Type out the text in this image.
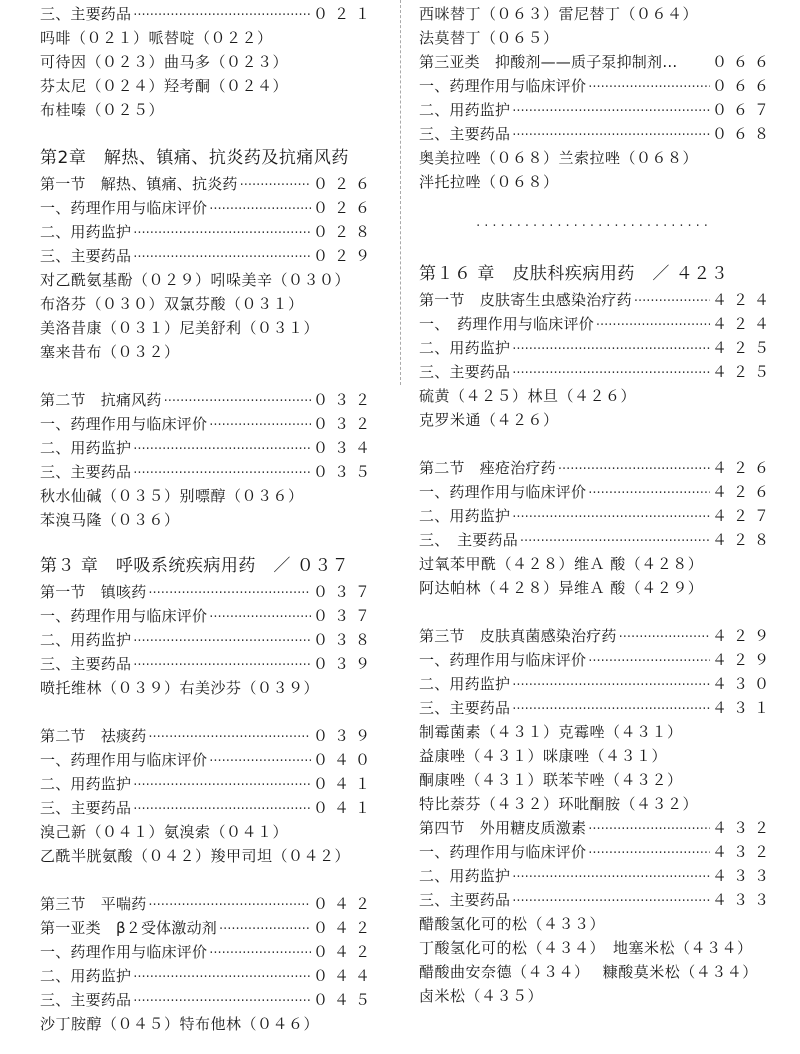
三、主要药品 ·····	０２１
吗啡（０２１）哌替啶（０２２）
可待因（０２３）曲马多（０２３）
芬太尼（０２４）羟考酮（０２４）
布桂嗪（０２５）
第2章　解热、镇痛、抗炎药及抗痛风药
第一节　解热、镇痛、抗炎药 ·····	０２６
一、药理作用与临床评价 ·····	０２６
二、用药监护 ·····	０２８
三、主要药品 ·····	０２９
对乙酰氨基酚（０２９）吲哚美辛（０３０）
布洛芬（０３０）双氯芬酸（０３１）
美洛昔康（０３１）尼美舒利（０３１）
塞来昔布（０３２）
第二节　抗痛风药 ·····	０３２
一、药理作用与临床评价 ·····	０３２
二、用药监护 ·····	０３４
三、主要药品 ·····	０３５
秋水仙碱（０３５）别嘌醇（０３６）
苯溴马隆（０３６）
第３ 章　呼吸系统疾病用药　／ ０３７
第一节　镇咳药 ·····	０３７
一、药理作用与临床评价 ·····	０３７
二、用药监护 ·····	０３８
三、主要药品 ·····	０３９
喷托维林（０３９）右美沙芬（０３９）
第二节　祛痰药 ·····	０３９
一、药理作用与临床评价 ·····	０４０
二、用药监护 ·····	０４１
三、主要药品 ·····	０４１
溴己新（０４１）氨溴索（０４１）
乙酰半胱氨酸（０４２）羧甲司坦（０４２）
第三节　平喘药 ·····	０４２
第一亚类　β２受体激动剂 ·····	０４２
一、药理作用与临床评价 ·····	０４２
二、用药监护 ·····	０４４
三、主要药品 ·····	０４５
沙丁胺醇（０４５）特布他林（０４６）
西咪替丁（０６３）雷尼替丁（０６４）
法莫替丁（０６５）
第三亚类　抑酸剂——质子泵抑制剂… ０６６
一、药理作用与临床评价 ·····	０６６
二、用药监护 ·····	０６７
三、主要药品 ·····	０６８
奥美拉唑（０６８）兰索拉唑（０６８）
泮托拉唑（０６８）
·····························
第１６ 章　皮肤科疾病用药　／ ４２３
第一节　皮肤寄生虫感染治疗药 ·····	４２４
一、　药理作用与临床评价 ·····	４２４
二、用药监护 ·····	４２５
三、主要药品 ·····	４２５
硫黄（４２５）林旦（４２６）
克罗米通（４２６）
第二节　痤疮治疗药 ·····	４２６
一、药理作用与临床评价 ·····	４２６
二、用药监护 ·····	４２７
三、　主要药品 ·····	４２８
过氧苯甲酰（４２８）维Ａ 酸（４２８）
阿达帕林（４２８）异维Ａ 酸（４２９）
第三节　皮肤真菌感染治疗药 ·····	４２９
一、药理作用与临床评价 ·····	４２９
二、用药监护 ·····	４３０
三、主要药品 ·····	４３１
制霉菌素（４３１）克霉唑（４３１）
益康唑（４３１）咪康唑（４３１）
酮康唑（４３１）联苯苄唑（４３２）
特比萘芬（４３２）环吡酮胺（４３２）
第四节　外用糖皮质激素 ·····	４３２
一、药理作用与临床评价 ·····	４３２
二、用药监护 ·····	４３３
三、主要药品 ·····	４３３
醋酸氢化可的松（４３３）
丁酸氢化可的松（４３４）　地塞米松（４３４）
醋酸曲安奈德（４３４）　 糠酸莫米松（４３４）
卤米松（４３５）
